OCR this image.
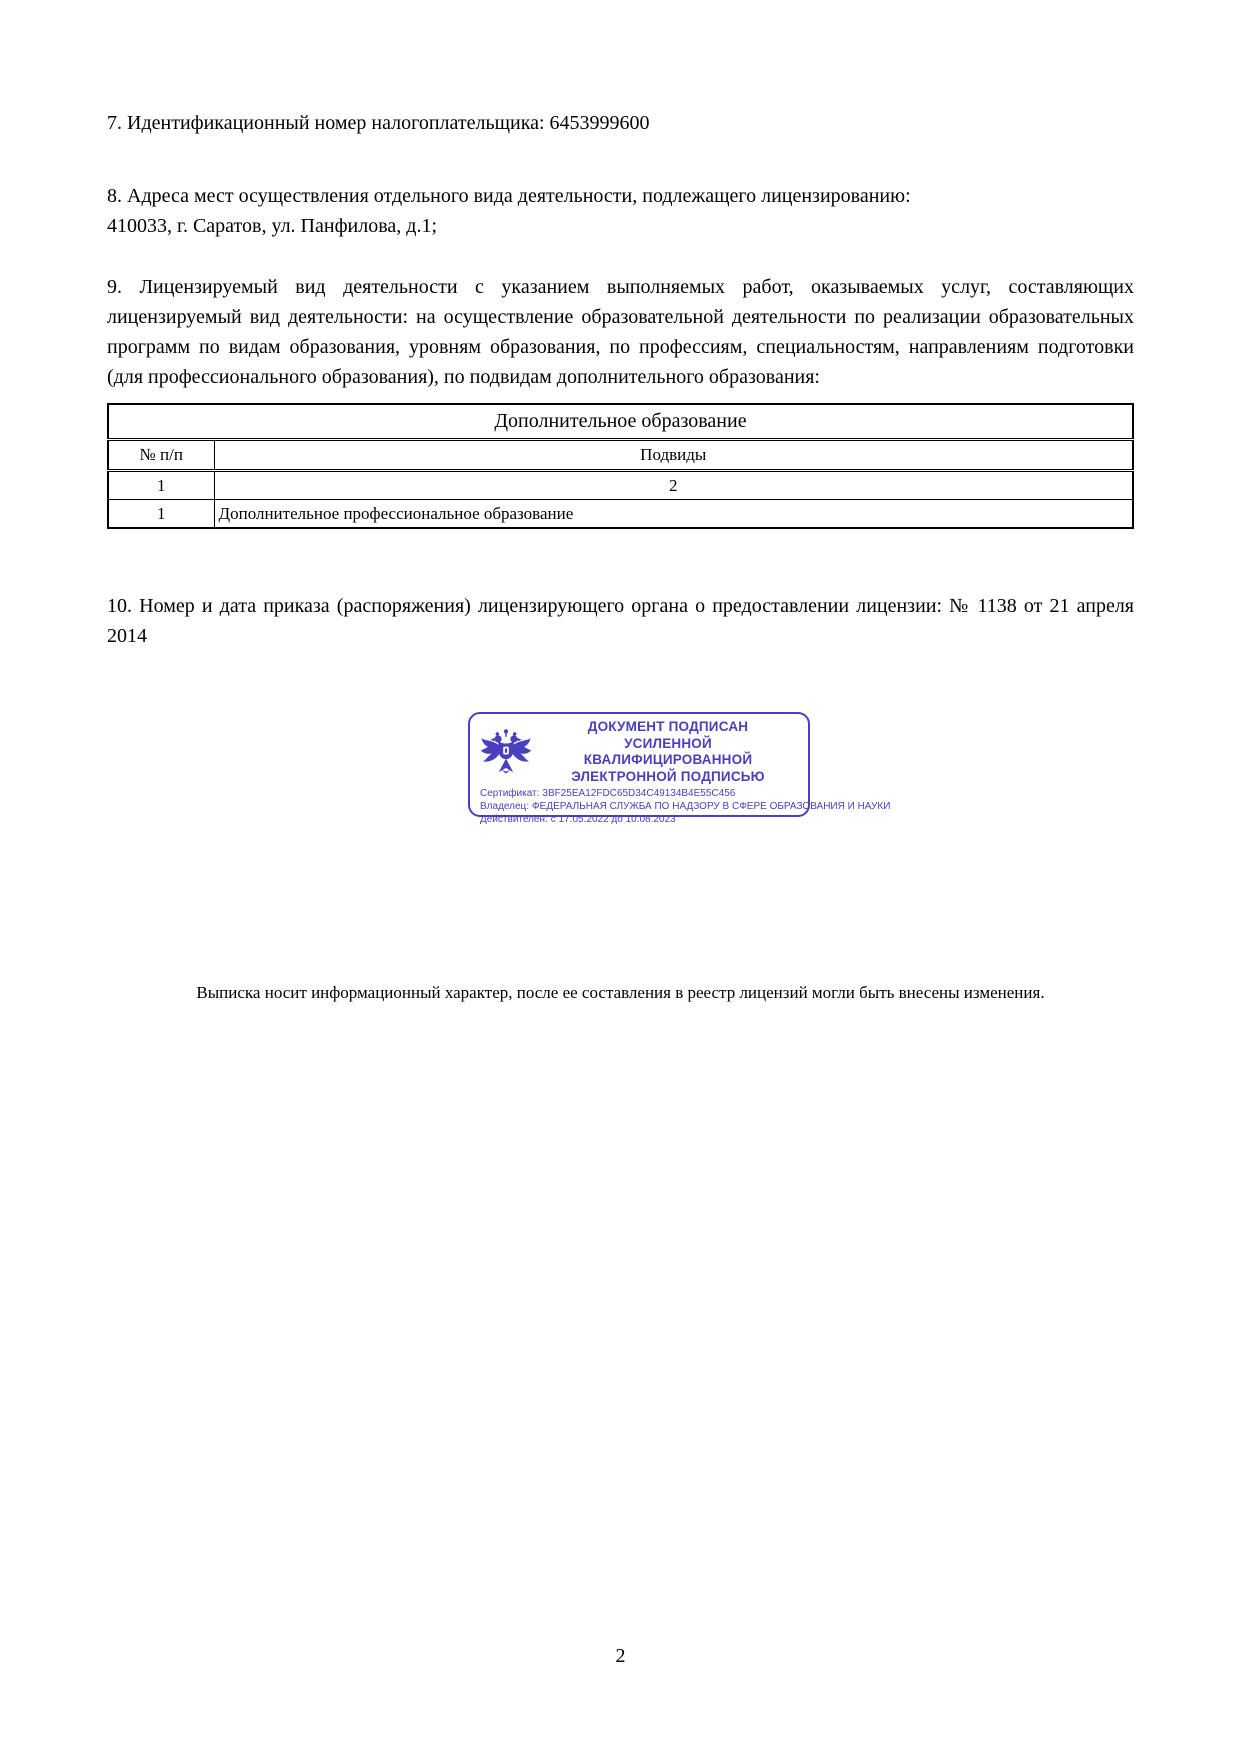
7. Идентификационный номер налогоплательщика: 6453999600

8. Адреса мест осуществления отдельного вида деятельности, подлежащего лицензированию:

410033, г. Саратов, ул. Панфилова, д.1;

9. Лицензируемый вид деятельности с указанием выполняемых работ, оказываемых услуг, составляющих лицензируемый вид деятельности: на осуществление образовательной деятельности по реализации образовательных программ по видам образования, уровням образования, по профессиям, специальностям, направлениям подготовки (для профессионального образования), по подвидам дополнительного образования:

Дополнительное образование	
№ п/п	Подвиды
1	2
1	Дополнительное профессиональное образование

10. Номер и дата приказа (распоряжения) лицензирующего органа о предоставлении лицензии: № 1138 от 21 апреля 2014

ДОКУМЕНТ ПОДПИСАН
УСИЛЕННОЙ КВАЛИФИЦИРОВАННОЙ
ЭЛЕКТРОННОЙ ПОДПИСЬЮ
Сертификат: 3BF25EA12FDC65D34C49134B4E55C456
Владелец: ФЕДЕРАЛЬНАЯ СЛУЖБА ПО НАДЗОРУ В СФЕРЕ ОБРАЗОВАНИЯ И НАУКИ
Действителен: с 17.05.2022 до 10.08.2023

Выписка носит информационный характер, после ее составления в реестр лицензий могли быть внесены изменения.

2
